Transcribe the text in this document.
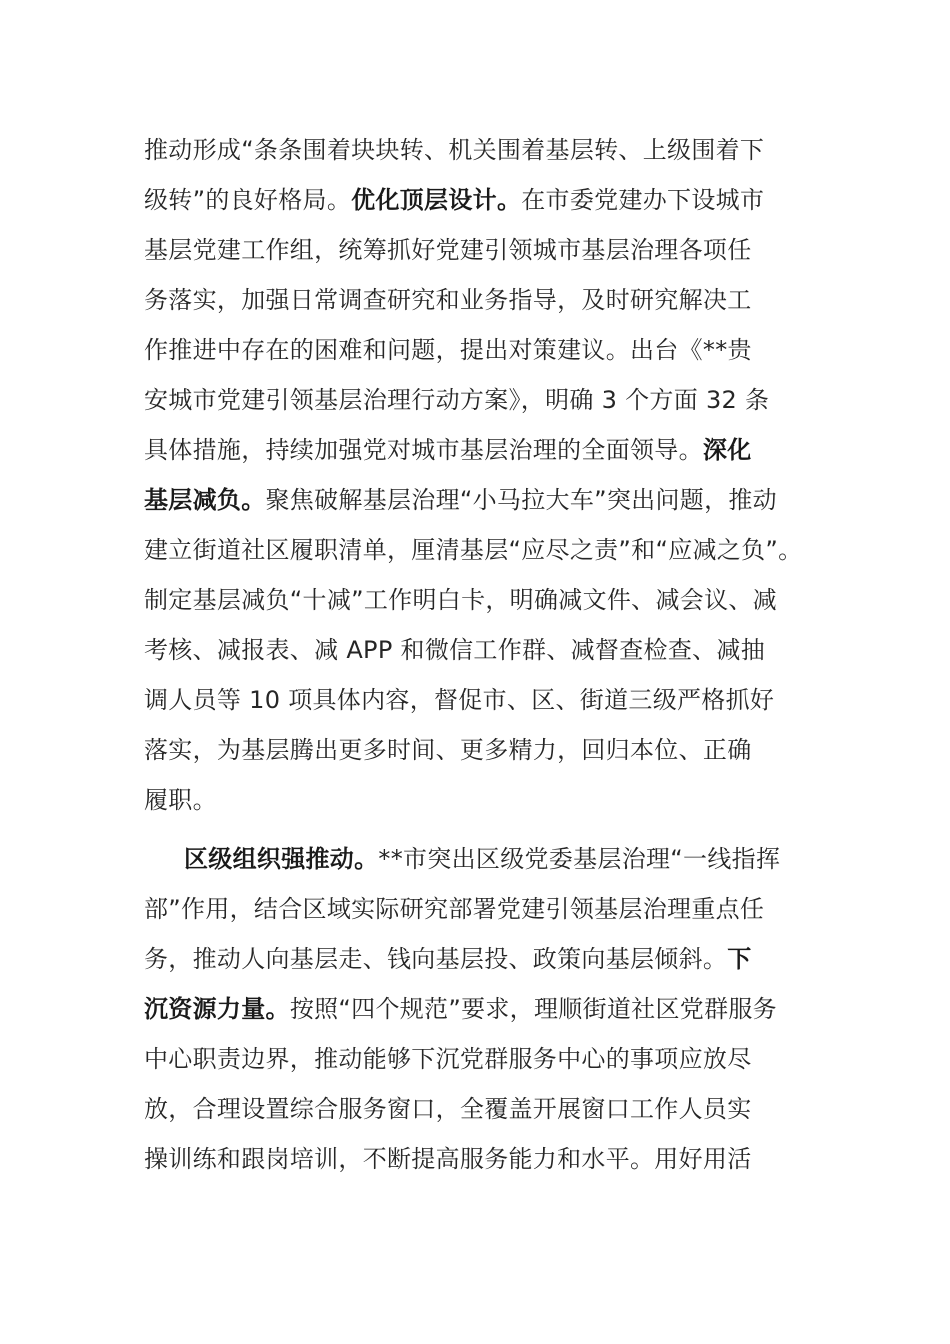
推动形成“条条围着块块转、机关围着基层转、上级围着下
级转”的良好格局。优化顶层设计。在市委党建办下设城市
基层党建工作组，统筹抓好党建引领城市基层治理各项任
务落实，加强日常调查研究和业务指导，及时研究解决工
作推进中存在的困难和问题，提出对策建议。出台《**贵
安城市党建引领基层治理行动方案》，明确 3 个方面 32 条
具体措施，持续加强党对城市基层治理的全面领导。深化
基层减负。聚焦破解基层治理“小马拉大车”突出问题，推动
建立街道社区履职清单，厘清基层“应尽之责”和“应减之负”。
制定基层减负“十减”工作明白卡，明确减文件、减会议、减
考核、减报表、减 APP 和微信工作群、减督查检查、减抽
调人员等 10 项具体内容，督促市、区、街道三级严格抓好
落实，为基层腾出更多时间、更多精力，回归本位、正确
履职。
区级组织强推动。**市突出区级党委基层治理“一线指挥
部”作用，结合区域实际研究部署党建引领基层治理重点任
务，推动人向基层走、钱向基层投、政策向基层倾斜。下
沉资源力量。按照“四个规范”要求，理顺街道社区党群服务
中心职责边界，推动能够下沉党群服务中心的事项应放尽
放，合理设置综合服务窗口，全覆盖开展窗口工作人员实
操训练和跟岗培训，不断提高服务能力和水平。用好用活
